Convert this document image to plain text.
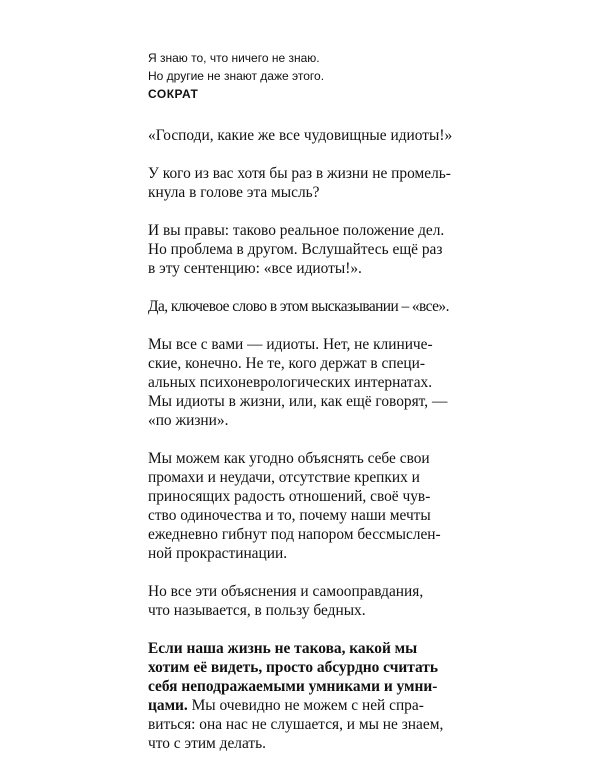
Я знаю то, что ничего не знаю.
Но другие не знают даже этого.
СОКРАТ

«Господи, какие же все чудовищные идиоты!»

У кого из вас хотя бы раз в жизни не промель-
кнула в голове эта мысль?

И вы правы: таково реальное положение дел.
Но проблема в другом. Вслушайтесь ещё раз
в эту сентенцию: «все идиоты!».

Да, ключевое слово в этом высказывании – «все».

Мы все с вами — идиоты. Нет, не клиниче-
ские, конечно. Не те, кого держат в специ-
альных психоневрологических интернатах.
Мы идиоты в жизни, или, как ещё говорят, —
«по жизни».

Мы можем как угодно объяснять себе свои
промахи и неудачи, отсутствие крепких и
приносящих радость отношений, своё чув-
ство одиночества и то, почему наши мечты
ежедневно гибнут под напором бессмыслен-
ной прокрастинации.

Но все эти объяснения и самооправдания,
что называется, в пользу бедных.

Если наша жизнь не такова, какой мы
хотим её видеть, просто абсурдно считать
себя неподражаемыми умниками и умни-
цами. Мы очевидно не можем с ней спра-
виться: она нас не слушается, и мы не знаем,
что с этим делать.
